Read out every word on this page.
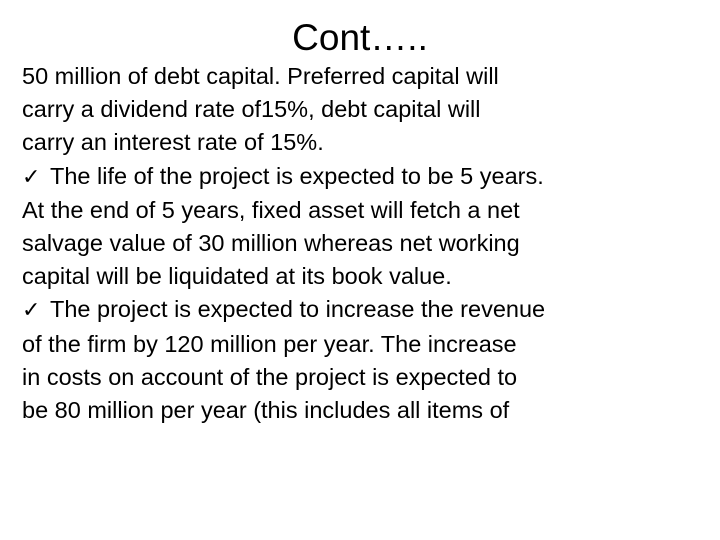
Cont…..
50 million of debt capital. Preferred capital will
carry a dividend rate of15%, debt capital will
carry an interest rate of 15%.
✓ The life of the project is expected to be 5 years.
At the end of 5 years, fixed asset will fetch a net
salvage value of 30 million whereas net working
capital will be liquidated at its book value.
✓ The project is expected to increase the revenue
of the firm by 120 million per year. The increase
in costs on account of the project is expected to
be 80 million per year (this includes all items of
